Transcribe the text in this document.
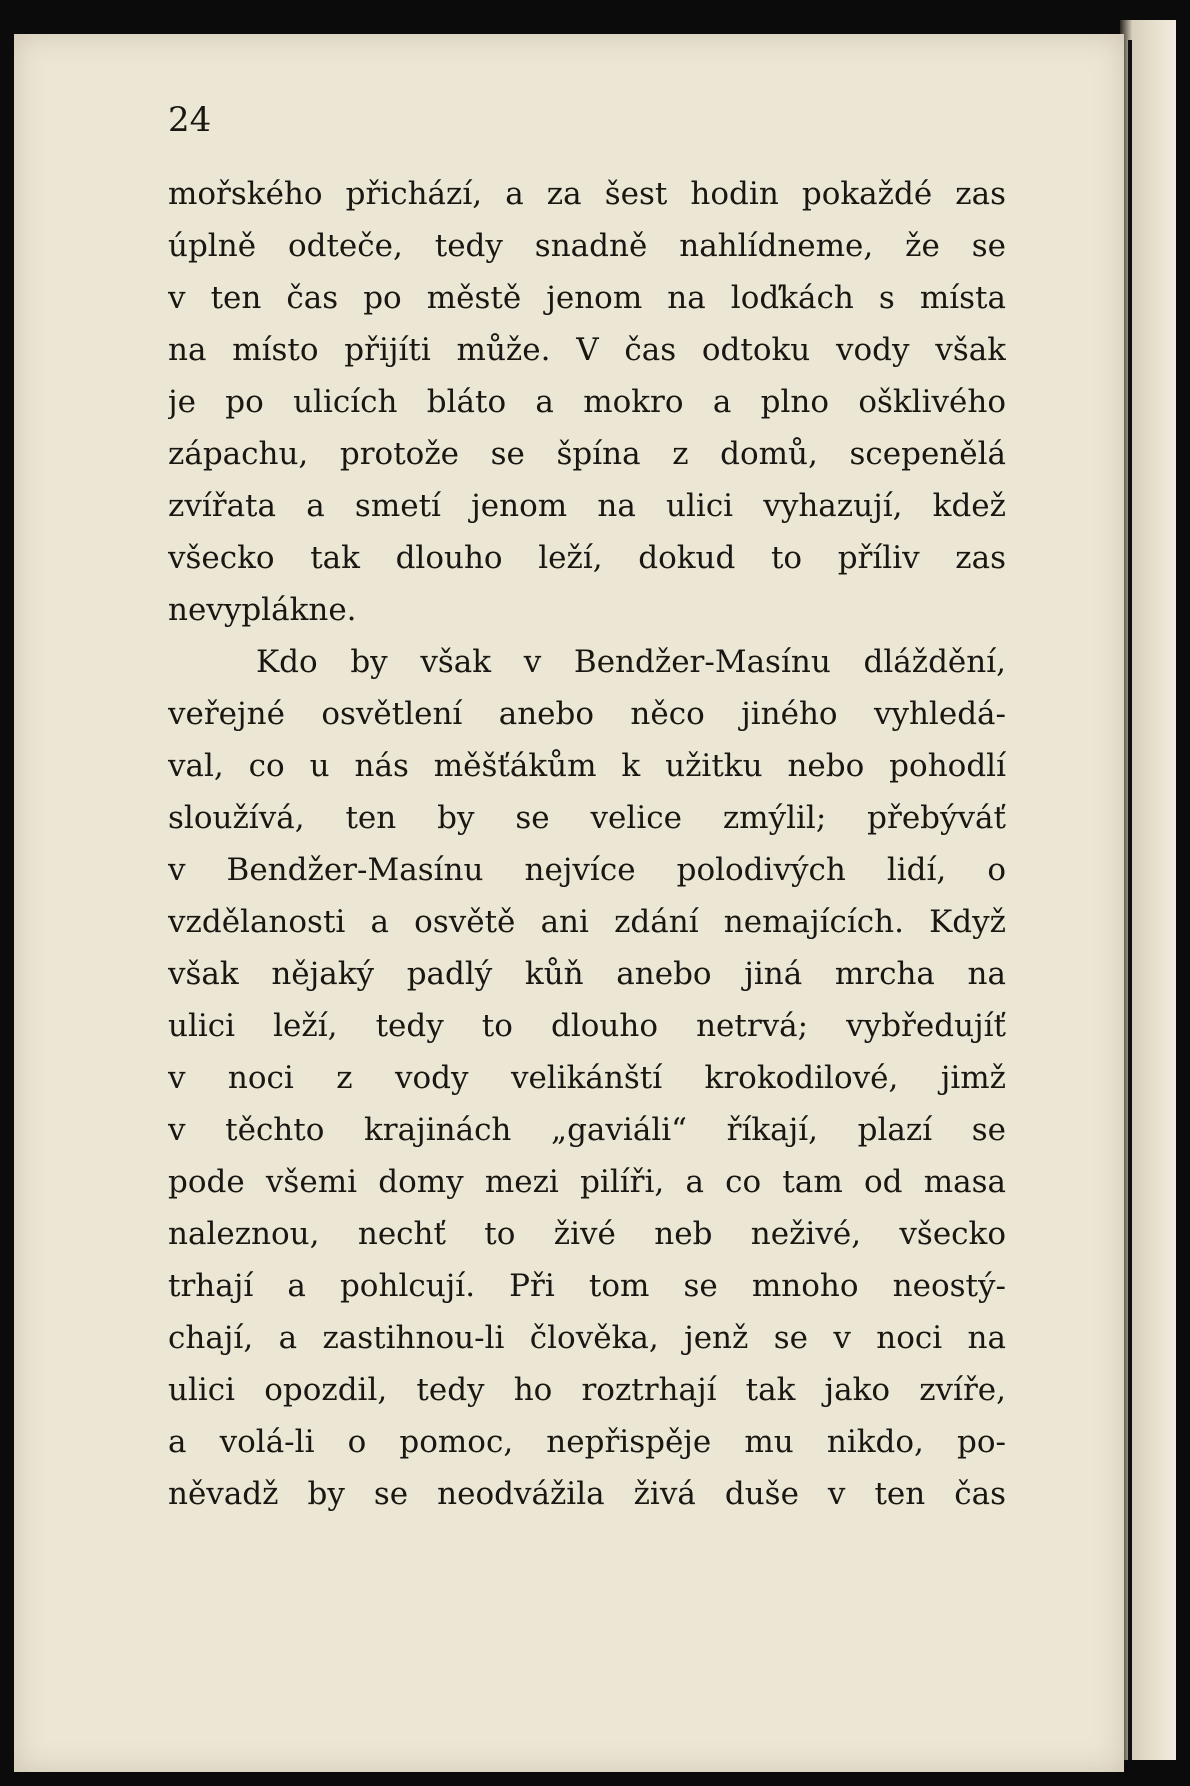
24

mořského přichází, a za šest hodin pokaždé zas
úplně odteče, tedy snadně nahlídneme, že se
v ten čas po městě jenom na loďkách s místa
na místo přijíti může. V čas odtoku vody však
je po ulicích bláto a mokro a plno ošklivého
zápachu, protože se špína z domů, scepenělá
zvířata a smetí jenom na ulici vyhazují, kdež
všecko tak dlouho leží, dokud to příliv zas
nevyplákne.
Kdo by však v Bendžer-Masínu dláždění,
veřejné osvětlení anebo něco jiného vyhledá-
val, co u nás měšťákům k užitku nebo pohodlí
sloužívá, ten by se velice zmýlil; přebýváť
v Bendžer-Masínu nejvíce polodivých lidí, o
vzdělanosti a osvětě ani zdání nemajících. Když
však nějaký padlý kůň anebo jiná mrcha na
ulici leží, tedy to dlouho netrvá; vybředujíť
v noci z vody velikánští krokodilové, jimž
v těchto krajinách „gaviáli“ říkají, plazí se
pode všemi domy mezi pilíři, a co tam od masa
naleznou, nechť to živé neb neživé, všecko
trhají a pohlcují. Při tom se mnoho neostý-
chají, a zastihnou-li člověka, jenž se v noci na
ulici opozdil, tedy ho roztrhají tak jako zvíře,
a volá-li o pomoc, nepřispěje mu nikdo, po-
něvadž by se neodvážila živá duše v ten čas
